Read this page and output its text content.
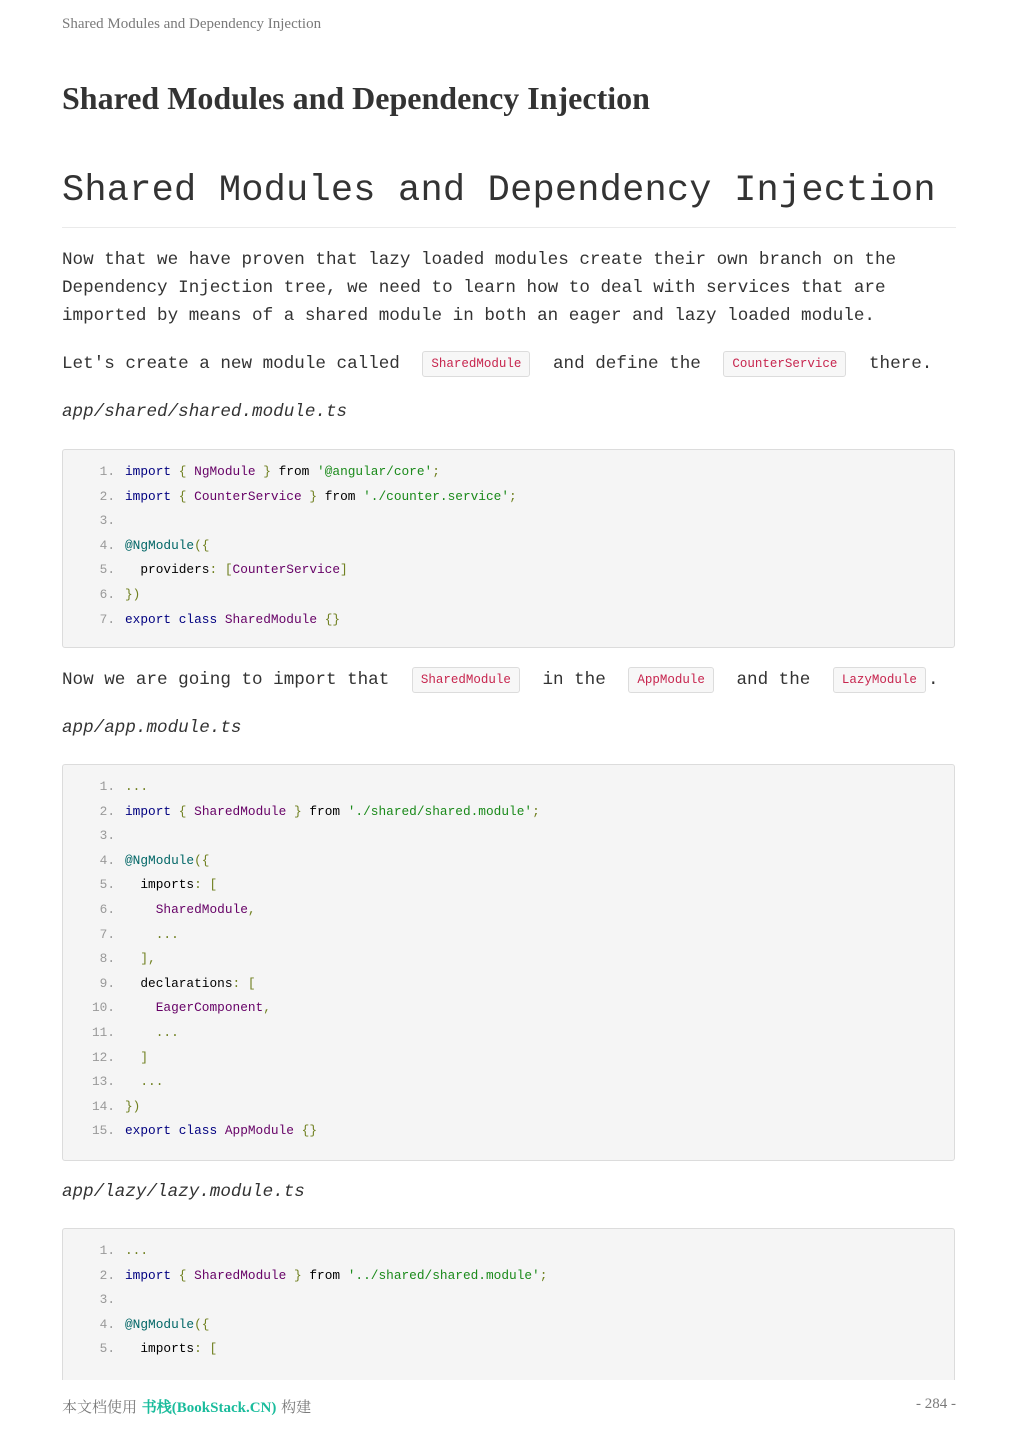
Shared Modules and Dependency Injection
Shared Modules and Dependency Injection
Shared Modules and Dependency Injection

Now that we have proven that lazy loaded modules create their own branch on the Dependency Injection tree, we need to learn how to deal with services that are imported by means of a shared module in both an eager and lazy loaded module.

Let's create a new module called	SharedModule and define the	CounterService there.

app/shared/shared.module.ts

1. import { NgModule } from '@angular/core';
2. import { CounterService } from './counter.service';
3.
4. @NgModule({
5. providers: [CounterService]
6. })
7. export class SharedModule {}

Now we are going to import that	SharedModule in the	AppModule and the	LazyModule .

app/app.module.ts

1. ...
2. import { SharedModule } from './shared/shared.module';
3.
4. @NgModule({
5. imports: [
6.	SharedModule,
7.	...
8.	],
9. declarations: [
10.	EagerComponent,
11.	...
12.	]
13.	...
14. })
15. export class AppModule {}

app/lazy/lazy.module.ts

1. ...
2. import { SharedModule } from '../shared/shared.module';
3.
4. @NgModule({
5. imports: [
本文档使用 书栈(BookStack.CN) 构建	- 284 -
